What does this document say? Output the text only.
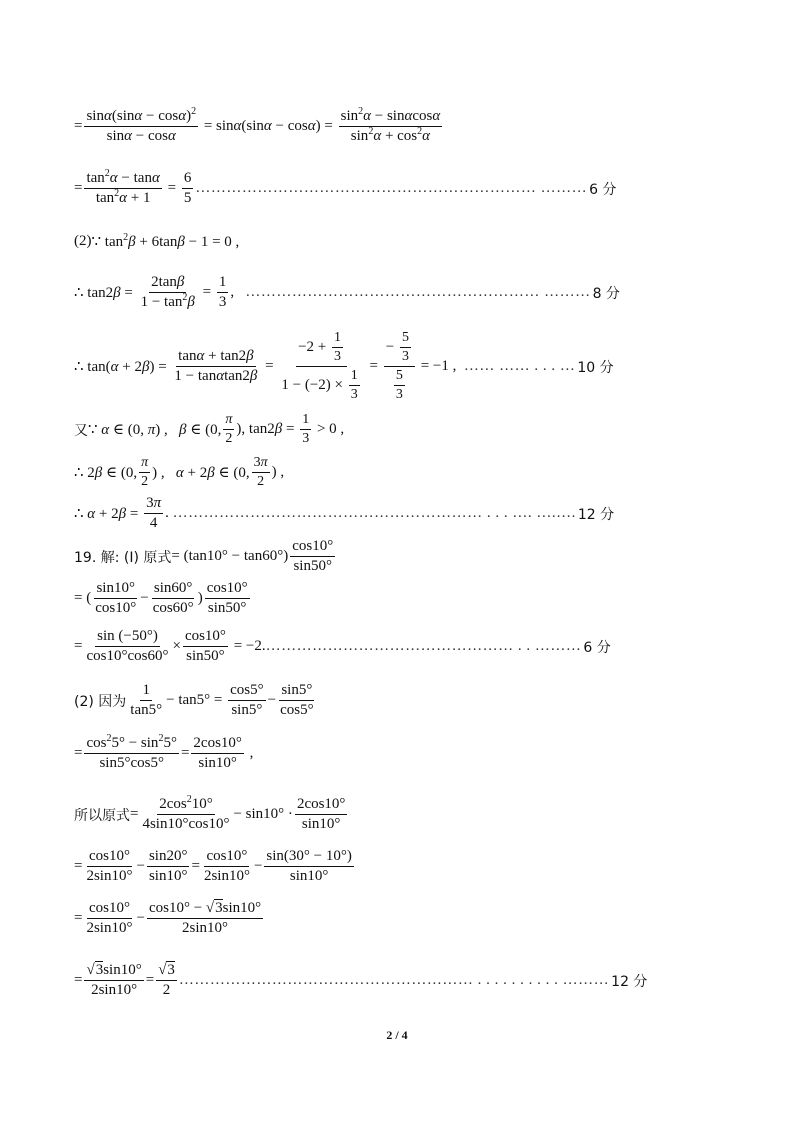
= $\frac{\sin\alpha(\sin\alpha - \cos\alpha)^2}{\sin\alpha - \cos\alpha} = \sin\alpha(\sin\alpha - \cos\alpha) = \frac{\sin^2\alpha - \sin\alpha\cos\alpha}{\sin^2\alpha + \cos^2\alpha}$
= $\frac{\tan^2\alpha - \tan\alpha}{\tan^2\alpha + 1} = \frac{6}{5}$ ………………………………………………………… ……… 6 分
(2) ∵ $\tan^2\beta + 6\tan\beta - 1 = 0$ ,
∴ $\tan 2\beta = \frac{2\tan\beta}{1 - \tan^2\beta} = \frac{1}{3}$ , ………………………………………………… ……… 8 分
∴ $\tan(\alpha + 2\beta) = \frac{\tan\alpha + \tan 2\beta}{1 - \tan\alpha\tan 2\beta} = \frac{-2 + \frac{1}{3}}{1 - (-2) \times \frac{1}{3}} = \frac{- \frac{5}{3}}{\frac{5}{3}} = -1$ , …… …… . . . … 10 分
又 ∵ α ∈ (0, π) ,   β ∈ (0, $\frac{\pi}{2}$ ), $\tan 2\beta = \frac{1}{3} > 0$ ,
∴ 2β ∈ (0, $\frac{\pi}{2}$ ) ,   α + 2β ∈ (0, $\frac{3\pi}{2}$ ) ,
∴ $\alpha + 2\beta = \frac{3\pi}{4}$ . …………………………………………………… . . . …. ….…. 12 分
19. 解: (I) 原式 = $(\tan 10^\circ - \tan 60^\circ) \frac{\cos 10^\circ}{\sin 50^\circ}$
= ( $\frac{\sin 10^\circ}{\cos 10^\circ} - \frac{\sin 60^\circ}{\cos 60^\circ}$ ) $\frac{\cos 10^\circ}{\sin 50^\circ}$
= $\frac{\sin (-50^\circ)}{\cos 10^\circ\cos 60^\circ} \times \frac{\cos 10^\circ}{\sin 50^\circ} = -2$. ………………………………………… . . ……… 6 分
(2) 因为 $\frac{1}{\tan 5^\circ} - \tan 5^\circ = \frac{\cos 5^\circ}{\sin 5^\circ} - \frac{\sin 5^\circ}{\cos 5^\circ}$
= $\frac{\cos^25^\circ - \sin^25^\circ}{\sin 5^\circ\cos 5^\circ} = \frac{2\cos 10^\circ}{\sin 10^\circ}$ ,
所以原式 = $\frac{2\cos^210^\circ}{4\sin 10^\circ\cos 10^\circ} - \sin 10^\circ \cdot \frac{2\cos 10^\circ}{\sin 10^\circ}$
= $\frac{\cos 10^\circ}{2\sin 10^\circ} - \frac{\sin 20^\circ}{\sin 10^\circ} = \frac{\cos 10^\circ}{2\sin 10^\circ} - \frac{\sin(30^\circ - 10^\circ)}{\sin 10^\circ}$
= $\frac{\cos 10^\circ}{2\sin 10^\circ} - \frac{\cos 10^\circ - √3\sin 10^\circ}{2\sin 10^\circ}$
= $\frac{√3\sin 10^\circ}{2\sin 10^\circ} = \frac{√3}{2}$ ………………………………………………… . . . . . . . . . . ……… 12 分
2 / 4
